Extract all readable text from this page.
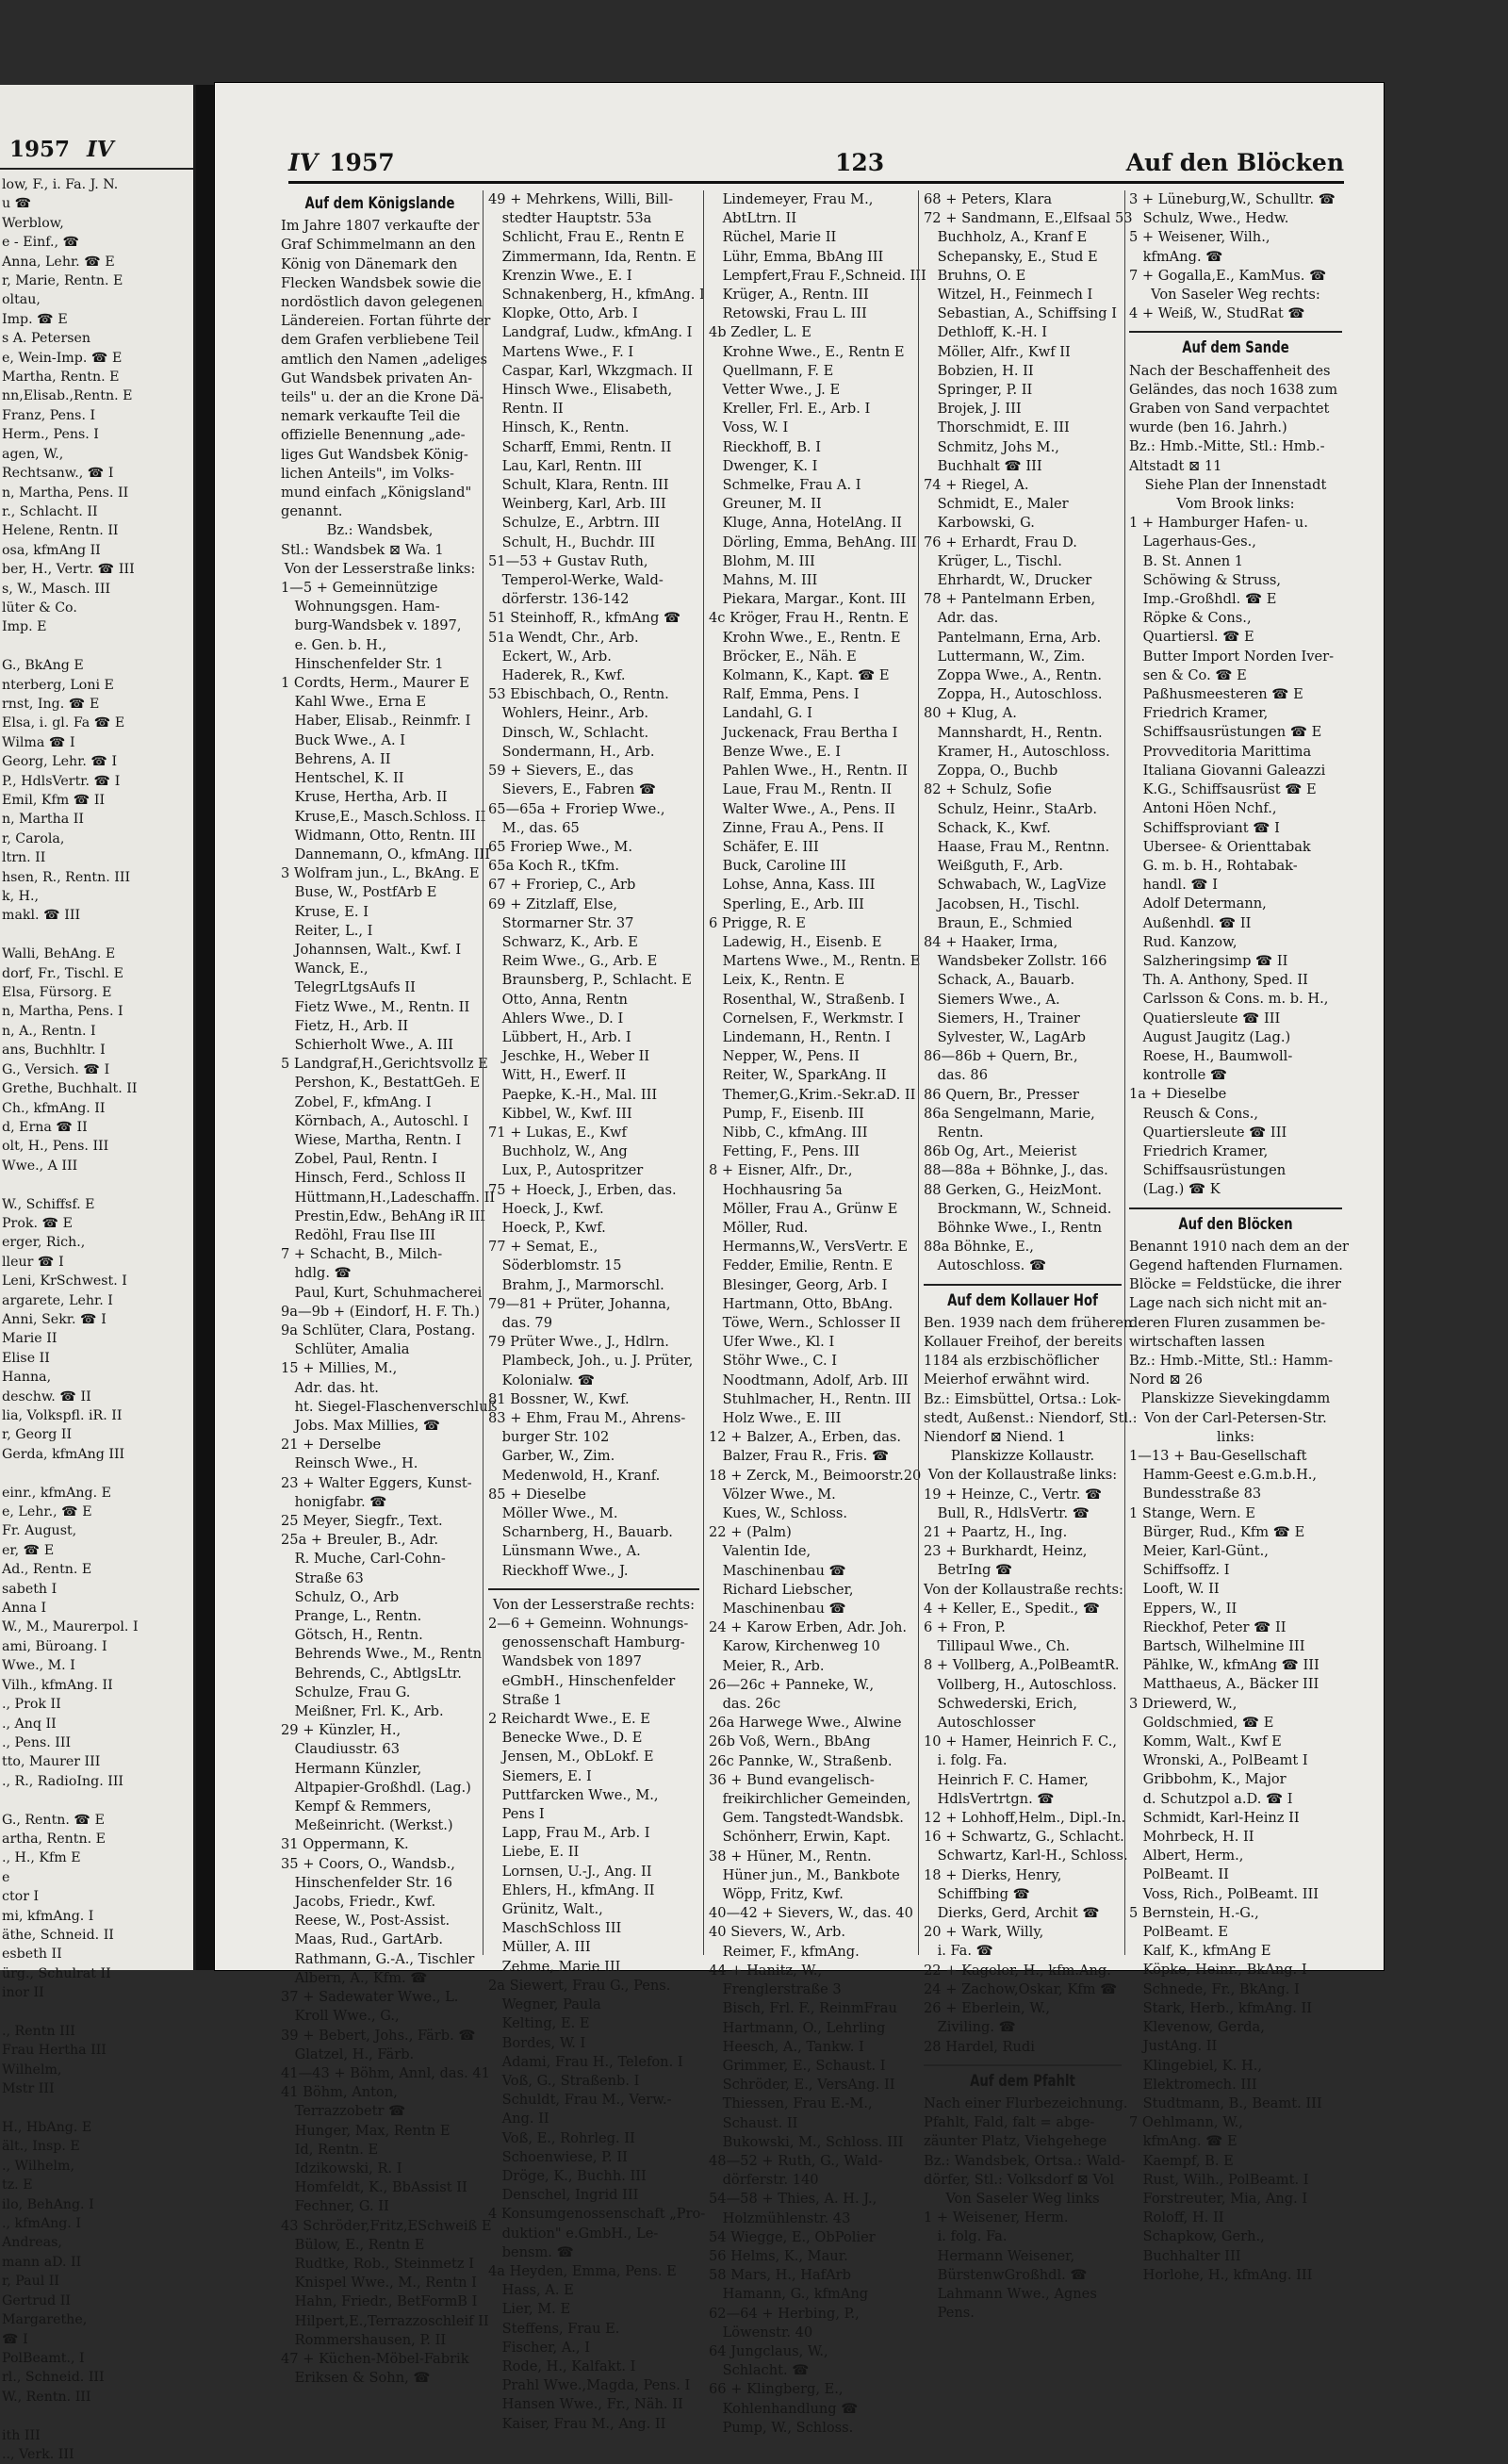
1957 IV
low, F., i. Fa. J. N.
u ☎
Werblow,
e - Einf., ☎
Anna, Lehr. ☎ E
r, Marie, Rentn. E
oltau,
Imp. ☎ E
s A. Petersen
e, Wein-Imp. ☎ E
Martha, Rentn. E
nn,Elisab.,Rentn. E
Franz, Pens. I
Herm., Pens. I
agen, W.,
Rechtsanw., ☎ I
n, Martha, Pens. II
r., Schlacht. II
Helene, Rentn. II
osa, kfmAng II
ber, H., Vertr. ☎ III
s, W., Masch. III
lüter & Co.
Imp. E

G., BkAng E
nterberg, Loni E
rnst, Ing. ☎ E
Elsa, i. gl. Fa ☎ E
Wilma ☎ I
Georg, Lehr. ☎ I
P., HdlsVertr. ☎ I
Emil, Kfm ☎ II
n, Martha II
r, Carola,
ltrn. II
hsen, R., Rentn. III
k, H.,
makl. ☎ III

Walli, BehAng. E
dorf, Fr., Tischl. E
Elsa, Fürsorg. E
n, Martha, Pens. I
n, A., Rentn. I
ans, Buchhltr. I
G., Versich. ☎ I
Grethe, Buchhalt. II
Ch., kfmAng. II
d, Erna ☎ II
olt, H., Pens. III
Wwe., A III

W., Schiffsf. E
Prok. ☎ E
erger, Rich.,
lleur ☎ I
Leni, KrSchwest. I
argarete, Lehr. I
Anni, Sekr. ☎ I
Marie II
Elise II
Hanna,
deschw. ☎ II
lia, Volkspfl. iR. II
r, Georg II
Gerda, kfmAng III

einr., kfmAng. E
e, Lehr., ☎ E
Fr. August,
er, ☎ E
Ad., Rentn. E
sabeth I
Anna I
W., M., Maurerpol. I
ami, Büroang. I
Wwe., M. I
Vilh., kfmAng. II
., Prok II
., Anq II
., Pens. III
tto, Maurer III
., R., RadioIng. III

G., Rentn. ☎ E
artha, Rentn. E
., H., Kfm E
e
ctor I
mi, kfmAng. I
äthe, Schneid. II
esbeth II
ürg., Schulrat II
inor II

., Rentn III
Frau Hertha III
Wilhelm,
Mstr III

H., HbAng. E
ält., Insp. E
., Wilhelm,
tz. E
ilo, BehAng. I
., kfmAng. I
Andreas,
mann aD. II
r, Paul II
Gertrud II
Margarethe,
☎ I
PolBeamt., I
rl., Schneid. III
W., Rentn. III

ith III
.., Verk. III
IV 1957	123	Auf den Blöcken
Auf dem Königslande
Im Jahre 1807 verkaufte der
Graf Schimmelmann an den
König von Dänemark den
Flecken Wandsbek sowie die
nordöstlich davon gelegenen
Ländereien. Fortan führte der
dem Grafen verbliebene Teil
amtlich den Namen „adeliges
Gut Wandsbek privaten An-
teils" u. der an die Krone Dä-
nemark verkaufte Teil die
offizielle Benennung „ade-
liges Gut Wandsbek König-
lichen Anteils", im Volks-
mund einfach „Königsland"
genannt.
Bz.: Wandsbek,
Stl.: Wandsbek ⊠ Wa. 1
Von der Lesserstraße links:
1—5 + Gemeinnützige
 Wohnungsgen. Ham-
 burg-Wandsbek v. 1897,
 e. Gen. b. H.,
 Hinschenfelder Str. 1
1 Cordts, Herm., Maurer E
 Kahl Wwe., Erna E
 Haber, Elisab., Reinmfr. I
 Buck Wwe., A. I
 Behrens, A. II
 Hentschel, K. II
 Kruse, Hertha, Arb. II
 Kruse,E., Masch.Schloss. II
 Widmann, Otto, Rentn. III
 Dannemann, O., kfmAng. III
3 Wolfram jun., L., BkAng. E
 Buse, W., PostfArb E
 Kruse, E. I
 Reiter, L., I
 Johannsen, Walt., Kwf. I
 Wanck, E.,
 TelegrLtgsAufs II
 Fietz Wwe., M., Rentn. II
 Fietz, H., Arb. II
 Schierholt Wwe., A. III
5 Landgraf,H.,Gerichtsvollz E
 Pershon, K., BestattGeh. E
 Zobel, F., kfmAng. I
 Körnbach, A., Autoschl. I
 Wiese, Martha, Rentn. I
 Zobel, Paul, Rentn. I
 Hinsch, Ferd., Schloss II
 Hüttmann,H.,Ladeschaffn. II
 Prestin,Edw., BehAng iR III
 Redöhl, Frau Ilse III
7 + Schacht, B., Milch-
 hdlg. ☎
 Paul, Kurt, Schuhmacherei
9a—9b + (Eindorf, H. F. Th.)
9a Schlüter, Clara, Postang.
 Schlüter, Amalia
15 + Millies, M.,
 Adr. das. ht.
 ht. Siegel-Flaschenverschluß
 Jobs. Max Millies, ☎
21 + Derselbe
 Reinsch Wwe., H.
23 + Walter Eggers, Kunst-
 honigfabr. ☎
25 Meyer, Siegfr., Text.
25a + Breuler, B., Adr.
 R. Muche, Carl-Cohn-
 Straße 63
 Schulz, O., Arb
 Prange, L., Rentn.
 Götsch, H., Rentn.
 Behrends Wwe., M., Rentn
 Behrends, C., AbtlgsLtr.
 Schulze, Frau G.
 Meißner, Frl. K., Arb.
29 + Künzler, H.,
 Claudiusstr. 63
 Hermann Künzler,
 Altpapier-Großhdl. (Lag.)
 Kempf & Remmers,
 Meßeinricht. (Werkst.)
31 Oppermann, K.
35 + Coors, O., Wandsb.,
 Hinschenfelder Str. 16
 Jacobs, Friedr., Kwf.
 Reese, W., Post-Assist.
 Maas, Rud., GartArb.
 Rathmann, G.-A., Tischler
 Albern, A., Kfm. ☎
37 + Sadewater Wwe., L.
 Kroll Wwe., G.,
39 + Bebert, Johs., Färb. ☎
 Glatzel, H., Färb.
41—43 + Böhm, Annl, das. 41
41 Böhm, Anton,
 Terrazzobetr ☎
 Hunger, Max, Rentn E
 Id, Rentn. E
 Idzikowski, R. I
 Homfeldt, K., BbAssist II
 Fechner, G. II
43 Schröder,Fritz,ESchweiß E
 Bülow, E., Rentn E
 Rudtke, Rob., Steinmetz I
 Knispel Wwe., M., Rentn I
 Hahn, Friedr., BetFormB I
 Hilpert,E.,Terrazzoschleif II
 Rommershausen, P. II
47 + Küchen-Möbel-Fabrik
 Eriksen & Sohn, ☎
49 + Mehrkens, Willi, Bill-
 stedter Hauptstr. 53a
 Schlicht, Frau E., Rentn E
 Zimmermann, Ida, Rentn. E
 Krenzin Wwe., E. I
 Schnakenberg, H., kfmAng. I
 Klopke, Otto, Arb. I
 Landgraf, Ludw., kfmAng. I
 Martens Wwe., F. I
 Caspar, Karl, Wkzgmach. II
 Hinsch Wwe., Elisabeth,
 Rentn. II
 Hinsch, K., Rentn.
 Scharff, Emmi, Rentn. II
 Lau, Karl, Rentn. III
 Schult, Klara, Rentn. III
 Weinberg, Karl, Arb. III
 Schulze, E., Arbtrn. III
 Schult, H., Buchdr. III
51—53 + Gustav Ruth,
 Temperol-Werke, Wald-
 dörferstr. 136-142
51 Steinhoff, R., kfmAng ☎
51a Wendt, Chr., Arb.
 Eckert, W., Arb.
 Haderek, R., Kwf.
53 Ebischbach, O., Rentn.
 Wohlers, Heinr., Arb.
 Dinsch, W., Schlacht.
 Sondermann, H., Arb.
59 + Sievers, E., das
 Sievers, E., Fabren ☎
65—65a + Froriep Wwe.,
 M., das. 65
65 Froriep Wwe., M.
65a Koch R., tKfm.
67 + Froriep, C., Arb
69 + Zitzlaff, Else,
 Stormarner Str. 37
 Schwarz, K., Arb. E
 Reim Wwe., G., Arb. E
 Braunsberg, P., Schlacht. E
 Otto, Anna, Rentn
 Ahlers Wwe., D. I
 Lübbert, H., Arb. I
 Jeschke, H., Weber II
 Witt, H., Ewerf. II
 Paepke, K.-H., Mal. III
 Kibbel, W., Kwf. III
71 + Lukas, E., Kwf
 Buchholz, W., Ang
 Lux, P., Autospritzer
75 + Hoeck, J., Erben, das.
 Hoeck, J., Kwf.
 Hoeck, P., Kwf.
77 + Semat, E.,
 Söderblomstr. 15
 Brahm, J., Marmorschl.
79—81 + Prüter, Johanna,
 das. 79
79 Prüter Wwe., J., Hdlrn.
 Plambeck, Joh., u. J. Prüter,
 Kolonialw. ☎
81 Bossner, W., Kwf.
83 + Ehm, Frau M., Ahrens-
 burger Str. 102
 Garber, W., Zim.
 Medenwold, H., Kranf.
85 + Dieselbe
 Möller Wwe., M.
 Scharnberg, H., Bauarb.
 Lünsmann Wwe., A.
 Rieckhoff Wwe., J.
Von der Lesserstraße rechts:
2—6 + Gemeinn. Wohnungs-
 genossenschaft Hamburg-
 Wandsbek von 1897
 eGmbH., Hinschenfelder
 Straße 1
2 Reichardt Wwe., E. E
 Benecke Wwe., D. E
 Jensen, M., ObLokf. E
 Siemers, E. I
 Puttfarcken Wwe., M.,
 Pens I
 Lapp, Frau M., Arb. I
 Liebe, E. II
 Lornsen, U.-J., Ang. II
 Ehlers, H., kfmAng. II
 Grünitz, Walt.,
 MaschSchloss III
 Müller, A. III
 Zehme, Marie III
2a Siewert, Frau G., Pens.
 Wegner, Paula
 Kelting, E. E
 Bordes, W. I
 Adami, Frau H., Telefon. I
 Voß, G., Straßenb. I
 Schuldt, Frau M., Verw.-
 Ang. II
 Voß, E., Rohrleg. II
 Schoenwiese, P. II
 Dröge, K., Buchh. III
 Denschel, Ingrid III
4 Konsumgenossenschaft „Pro-
 duktion" e.GmbH., Le-
 bensm. ☎
4a Heyden, Emma, Pens. E
 Hass, A. E
 Lier, M. E
 Steffens, Frau E.
 Fischer, A., I
 Rode, H., Kalfakt. I
 Prahl Wwe.,Magda, Pens. I
 Hansen Wwe., Fr., Näh. II
 Kaiser, Frau M., Ang. II
 Lindemeyer, Frau M.,
 AbtLtrn. II
 Rüchel, Marie II
 Lühr, Emma, BbAng III
 Lempfert,Frau F.,Schneid. III
 Krüger, A., Rentn. III
 Retowski, Frau L. III
4b Zedler, L. E
 Krohne Wwe., E., Rentn E
 Quellmann, F. E
 Vetter Wwe., J. E
 Kreller, Frl. E., Arb. I
 Voss, W. I
 Rieckhoff, B. I
 Dwenger, K. I
 Schmelke, Frau A. I
 Greuner, M. II
 Kluge, Anna, HotelAng. II
 Dörling, Emma, BehAng. III
 Blohm, M. III
 Mahns, M. III
 Piekara, Margar., Kont. III
4c Kröger, Frau H., Rentn. E
 Krohn Wwe., E., Rentn. E
 Bröcker, E., Näh. E
 Kolmann, K., Kapt. ☎ E
 Ralf, Emma, Pens. I
 Landahl, G. I
 Juckenack, Frau Bertha I
 Benze Wwe., E. I
 Pahlen Wwe., H., Rentn. II
 Laue, Frau M., Rentn. II
 Walter Wwe., A., Pens. II
 Zinne, Frau A., Pens. II
 Schäfer, E. III
 Buck, Caroline III
 Lohse, Anna, Kass. III
 Sperling, E., Arb. III
6 Prigge, R. E
 Ladewig, H., Eisenb. E
 Martens Wwe., M., Rentn. E
 Leix, K., Rentn. E
 Rosenthal, W., Straßenb. I
 Cornelsen, F., Werkmstr. I
 Lindemann, H., Rentn. I
 Nepper, W., Pens. II
 Reiter, W., SparkAng. II
 Themer,G.,Krim.-Sekr.aD. II
 Pump, F., Eisenb. III
 Nibb, C., kfmAng. III
 Fetting, F., Pens. III
8 + Eisner, Alfr., Dr.,
 Hochhausring 5a
 Möller, Frau A., Grünw E
 Möller, Rud.
 Hermanns,W., VersVertr. E
 Fedder, Emilie, Rentn. E
 Blesinger, Georg, Arb. I
 Hartmann, Otto, BbAng.
 Töwe, Wern., Schlosser II
 Ufer Wwe., Kl. I
 Stöhr Wwe., C. I
 Noodtmann, Adolf, Arb. III
 Stuhlmacher, H., Rentn. III
 Holz Wwe., E. III
12 + Balzer, A., Erben, das.
 Balzer, Frau R., Fris. ☎
18 + Zerck, M., Beimoorstr.20
 Völzer Wwe., M.
 Kues, W., Schloss.
22 + (Palm)
 Valentin Ide,
 Maschinenbau ☎
 Richard Liebscher,
 Maschinenbau ☎
24 + Karow Erben, Adr. Joh.
 Karow, Kirchenweg 10
 Meier, R., Arb.
26—26c + Panneke, W.,
 das. 26c
26a Harwege Wwe., Alwine
26b Voß, Wern., BbAng
26c Pannke, W., Straßenb.
36 + Bund evangelisch-
 freikirchlicher Gemeinden,
 Gem. Tangstedt-Wandsbk.
 Schönherr, Erwin, Kapt.
38 + Hüner, M., Rentn.
 Hüner jun., M., Bankbote
 Wöpp, Fritz, Kwf.
40—42 + Sievers, W., das. 40
40 Sievers, W., Arb.
 Reimer, F., kfmAng.
44 + Hanitz, W.,
 Frenglerstraße 3
 Bisch, Frl. F., ReinmFrau
 Hartmann, O., Lehrling
 Heesch, A., Tankw. I
 Grimmer, E., Schaust. I
 Schröder, E., VersAng. II
 Thiessen, Frau E.-M.,
 Schaust. II
 Bukowski, M., Schloss. III
48—52 + Ruth, G., Wald-
 dörferstr. 140
54—58 + Thies, A. H. J.,
 Holzmühlenstr. 43
54 Wiegge, E., ObPolier
56 Helms, K., Maur.
58 Mars, H., HafArb
 Hamann, G., kfmAng
62—64 + Herbing, P.,
 Löwenstr. 40
64 Jungclaus, W.,
 Schlacht. ☎
66 + Klingberg, E.,
 Kohlenhandlung ☎
 Pump, W., Schloss.
68 + Peters, Klara
72 + Sandmann, E.,Elfsaal 53
 Buchholz, A., Kranf E
 Schepansky, E., Stud E
 Bruhns, O. E
 Witzel, H., Feinmech I
 Sebastian, A., Schiffsing I
 Dethloff, K.-H. I
 Möller, Alfr., Kwf II
 Bobzien, H. II
 Springer, P. II
 Brojek, J. III
 Thorschmidt, E. III
 Schmitz, Johs M.,
 Buchhalt ☎ III
74 + Riegel, A.
 Schmidt, E., Maler
 Karbowski, G.
76 + Erhardt, Frau D.
 Krüger, L., Tischl.
 Ehrhardt, W., Drucker
78 + Pantelmann Erben,
 Adr. das.
 Pantelmann, Erna, Arb.
 Luttermann, W., Zim.
 Zoppa Wwe., A., Rentn.
 Zoppa, H., Autoschloss.
80 + Klug, A.
 Mannshardt, H., Rentn.
 Kramer, H., Autoschloss.
 Zoppa, O., Buchb
82 + Schulz, Sofie
 Schulz, Heinr., StaArb.
 Schack, K., Kwf.
 Haase, Frau M., Rentnn.
 Weißguth, F., Arb.
 Schwabach, W., LagVize
 Jacobsen, H., Tischl.
 Braun, E., Schmied
84 + Haaker, Irma,
 Wandsbeker Zollstr. 166
 Schack, A., Bauarb.
 Siemers Wwe., A.
 Siemers, H., Trainer
 Sylvester, W., LagArb
86—86b + Quern, Br.,
 das. 86
86 Quern, Br., Presser
86a Sengelmann, Marie,
 Rentn.
86b Og, Art., Meierist
88—88a + Böhnke, J., das.
88 Gerken, G., HeizMont.
 Brockmann, W., Schneid.
 Böhnke Wwe., I., Rentn
88a Böhnke, E.,
 Autoschloss. ☎
Auf dem Kollauer Hof
Ben. 1939 nach dem früheren
Kollauer Freihof, der bereits
1184 als erzbischöflicher
Meierhof erwähnt wird.
Bz.: Eimsbüttel, Ortsa.: Lok-
stedt, Außenst.: Niendorf, Stl.:
Niendorf ⊠ Niend. 1
Planskizze Kollaustr.
Von der Kollaustraße links:
19 + Heinze, C., Vertr. ☎
 Bull, R., HdlsVertr. ☎
21 + Paartz, H., Ing.
23 + Burkhardt, Heinz,
 BetrIng ☎
Von der Kollaustraße rechts:
4 + Keller, E., Spedit., ☎
6 + Fron, P.
 Tillipaul Wwe., Ch.
8 + Vollberg, A.,PolBeamtR.
 Vollberg, H., Autoschloss.
 Schwederski, Erich,
 Autoschlosser
10 + Hamer, Heinrich F. C.,
 i. folg. Fa.
 Heinrich F. C. Hamer,
 HdlsVertrtgn. ☎
12 + Lohhoff,Helm., Dipl.-In.
16 + Schwartz, G., Schlacht.
 Schwartz, Karl-H., Schloss.
18 + Dierks, Henry,
 Schiffbing ☎
 Dierks, Gerd, Archit ☎
20 + Wark, Willy,
 i. Fa. ☎
22 + Kageler, H., kfm.Ang.
24 + Zachow,Oskar, Kfm ☎
26 + Eberlein, W.,
 Ziviling. ☎
28 Hardel, Rudi
Auf dem Pfahlt
Nach einer Flurbezeichnung.
Pfahlt, Fald, falt = abge-
zäunter Platz, Viehgehege
Bz.: Wandsbek, Ortsa.: Wald-
dörfer, Stl.: Volksdorf ⊠ Vol
Von Saseler Weg links
1 + Weisener, Herm.
 i. folg. Fa.
 Hermann Weisener,
 BürstenwGroßhdl. ☎
 Lahmann Wwe., Agnes
 Pens.
3 + Lüneburg,W., Schulltr. ☎
 Schulz, Wwe., Hedw.
5 + Weisener, Wilh.,
 kfmAng. ☎
7 + Gogalla,E., KamMus. ☎
Von Saseler Weg rechts:
4 + Weiß, W., StudRat ☎
Auf dem Sande
Nach der Beschaffenheit des
Geländes, das noch 1638 zum
Graben von Sand verpachtet
wurde (ben 16. Jahrh.)
Bz.: Hmb.-Mitte, Stl.: Hmb.-
Altstadt ⊠ 11
Siehe Plan der Innenstadt
Vom Brook links:
1 + Hamburger Hafen- u.
 Lagerhaus-Ges.,
 B. St. Annen 1
 Schöwing & Struss,
 Imp.-Großhdl. ☎ E
 Röpke & Cons.,
 Quartiersl. ☎ E
 Butter Import Norden Iver-
 sen & Co. ☎ E
 Paßhusmeesteren ☎ E
 Friedrich Kramer,
 Schiffsausrüstungen ☎ E
 Provveditoria Marittima
 Italiana Giovanni Galeazzi
 K.G., Schiffsausrüst ☎ E
 Antoni Höen Nchf.,
 Schiffsproviant ☎ I
 Ubersee- & Orienttabak
 G. m. b. H., Rohtabak-
 handl. ☎ I
 Adolf Determann,
 Außenhdl. ☎ II
 Rud. Kanzow,
 Salzheringsimp ☎ II
 Th. A. Anthony, Sped. II
 Carlsson & Cons. m. b. H.,
 Quatiersleute ☎ III
 August Jaugitz (Lag.)
 Roese, H., Baumwoll-
 kontrolle ☎
1a + Dieselbe
 Reusch & Cons.,
 Quartiersleute ☎ III
 Friedrich Kramer,
 Schiffsausrüstungen
 (Lag.) ☎ K
Auf den Blöcken
Benannt 1910 nach dem an der
Gegend haftenden Flurnamen.
Blöcke = Feldstücke, die ihrer
Lage nach sich nicht mit an-
deren Fluren zusammen be-
wirtschaften lassen
Bz.: Hmb.-Mitte, Stl.: Hamm-
Nord ⊠ 26
Planskizze Sievekingdamm
Von der Carl-Petersen-Str.
links:
1—13 + Bau-Gesellschaft
 Hamm-Geest e.G.m.b.H.,
 Bundesstraße 83
1 Stange, Wern. E
 Bürger, Rud., Kfm ☎ E
 Meier, Karl-Günt.,
 Schiffsoffz. I
 Looft, W. II
 Eppers, W., II
 Rieckhof, Peter ☎ II
 Bartsch, Wilhelmine III
 Pählke, W., kfmAng ☎ III
 Matthaeus, A., Bäcker III
3 Driewerd, W.,
 Goldschmied, ☎ E
 Komm, Walt., Kwf E
 Wronski, A., PolBeamt I
 Gribbohm, K., Major
 d. Schutzpol a.D. ☎ I
 Schmidt, Karl-Heinz II
 Mohrbeck, H. II
 Albert, Herm.,
 PolBeamt. II
 Voss, Rich., PolBeamt. III
5 Bernstein, H.-G.,
 PolBeamt. E
 Kalf, K., kfmAng E
 Köpke, Heinr., BkAng. I
 Schnede, Fr., BkAng. I
 Stark, Herb., kfmAng. II
 Klevenow, Gerda,
 JustAng. II
 Klingebiel, K. H.,
 Elektromech. III
 Studtmann, B., Beamt. III
7 Oehlmann, W.,
 kfmAng. ☎ E
 Kaempf, B. E
 Rust, Wilh., PolBeamt. I
 Forstreuter, Mia, Ang. I
 Roloff, H. II
 Schapkow, Gerh.,
 Buchhalter III
 Horlohe, H., kfmAng. III
